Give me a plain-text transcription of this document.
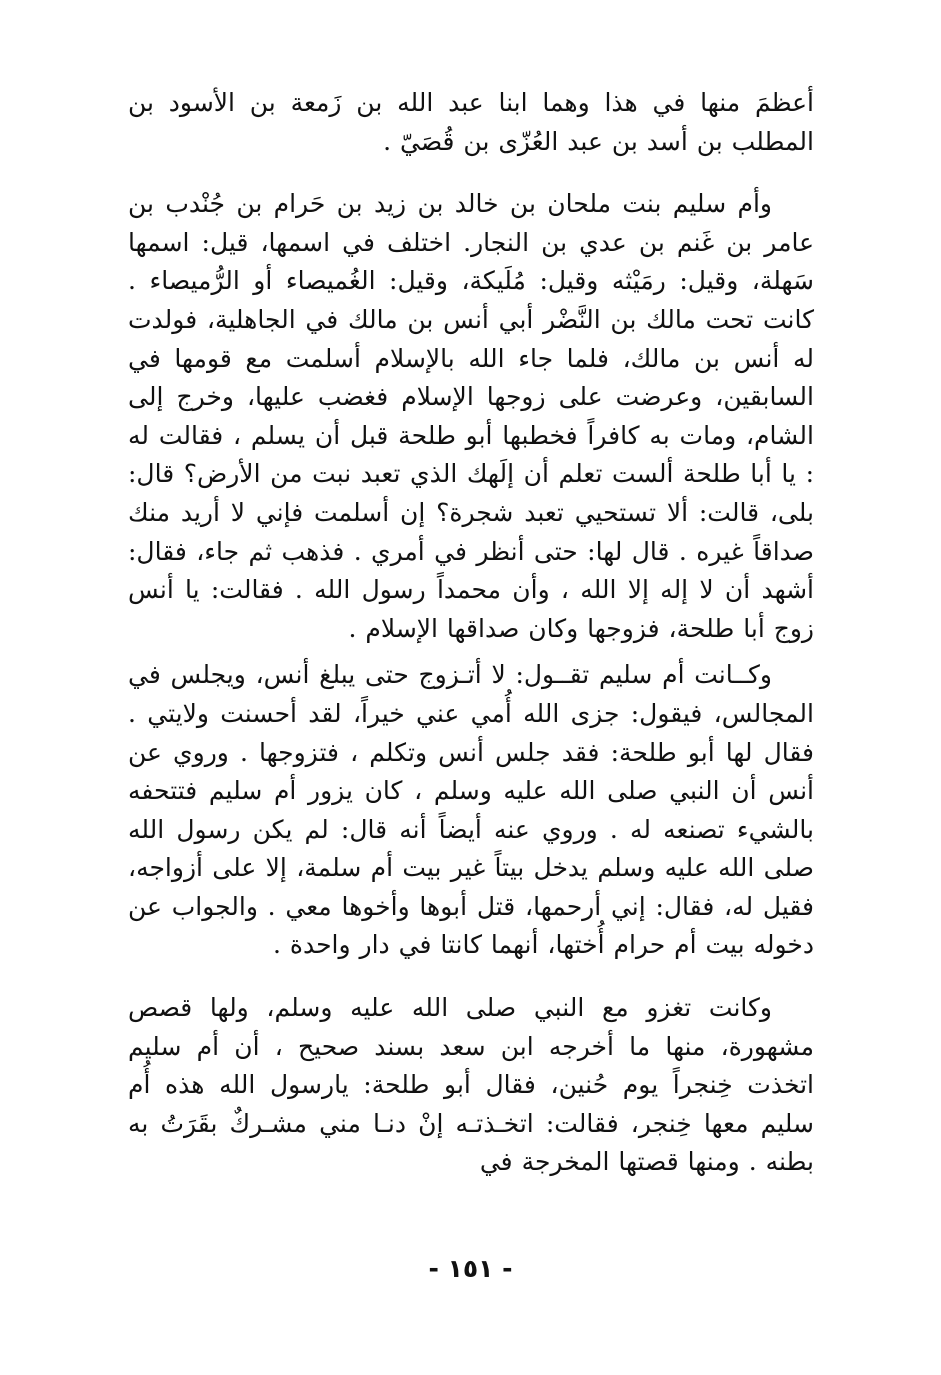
أعظمَ منها في هذا وهما ابنا عبد الله بن زَمعة بن الأسود بن المطلب بن أسد بن عبد العُزّى بن قُصَيّ .

وأم سليم بنت ملحان بن خالد بن زيد بن حَرام بن جُنْدب بن عامر بن غَنم بن عدي بن النجار. اختلف في اسمها، قيل: اسمها سَهلة، وقيل: رمَيْثه وقيل: مُلَيكة، وقيل: الغُميصاء أو الرُّميصاء . كانت تحت مالك بن النَّضْر أبي أنس بن مالك في الجاهلية، فولدت له أنس بن مالك، فلما جاء الله بالإسلام أسلمت مع قومها في السابقين، وعرضت على زوجها الإسلام فغضب عليها، وخرج إلى الشام، ومات به كافراً فخطبها أبو طلحة قبل أن يسلم ، فقالت له : يا أبا طلحة ألست تعلم أن إلَهك الذي تعبد نبت من الأرض؟ قال: بلى، قالت: ألا تستحيي تعبد شجرة؟ إن أسلمت فإني لا أريد منك صداقاً غيره . قال لها: حتى أنظر في أمري . فذهب ثم جاء، فقال: أشهد أن لا إله إلا الله ، وأن محمداً رسول الله . فقالت: يا أنس زوج أبا طلحة، فزوجها وكان صداقها الإسلام .

وكــانت أم سليم تقــول: لا أتـزوج حتى يبلغ أنس، ويجلس في المجالس، فيقول: جزى الله أُمي عني خيراً، لقد أحسنت ولايتي . فقال لها أبو طلحة: فقد جلس أنس وتكلم ، فتزوجها . وروي عن أنس أن النبي صلى الله عليه وسلم ، كان يزور أم سليم فتتحفه بالشيء تصنعه له . وروي عنه أيضاً أنه قال: لم يكن رسول الله صلى الله عليه وسلم يدخل بيتاً غير بيت أم سلمة، إلا على أزواجه، فقيل له، فقال: إني أرحمها، قتل أبوها وأخوها معي . والجواب عن دخوله بيت أم حرام أُختها، أنهما كانتا في دار واحدة .

وكانت تغزو مع النبي صلى الله عليه وسلم، ولها قصص مشهورة، منها ما أخرجه ابن سعد بسند صحيح ، أن أم سليم اتخذت خِنجراً يوم حُنين، فقال أبو طلحة: يارسول الله هذه أُم سليم معها خِنجر، فقالت: اتخـذتـه إنْ دنـا مني مشـركٌ بقَرَتُ به بطنه . ومنها قصتها المخرجة في

- ١٥١ -
